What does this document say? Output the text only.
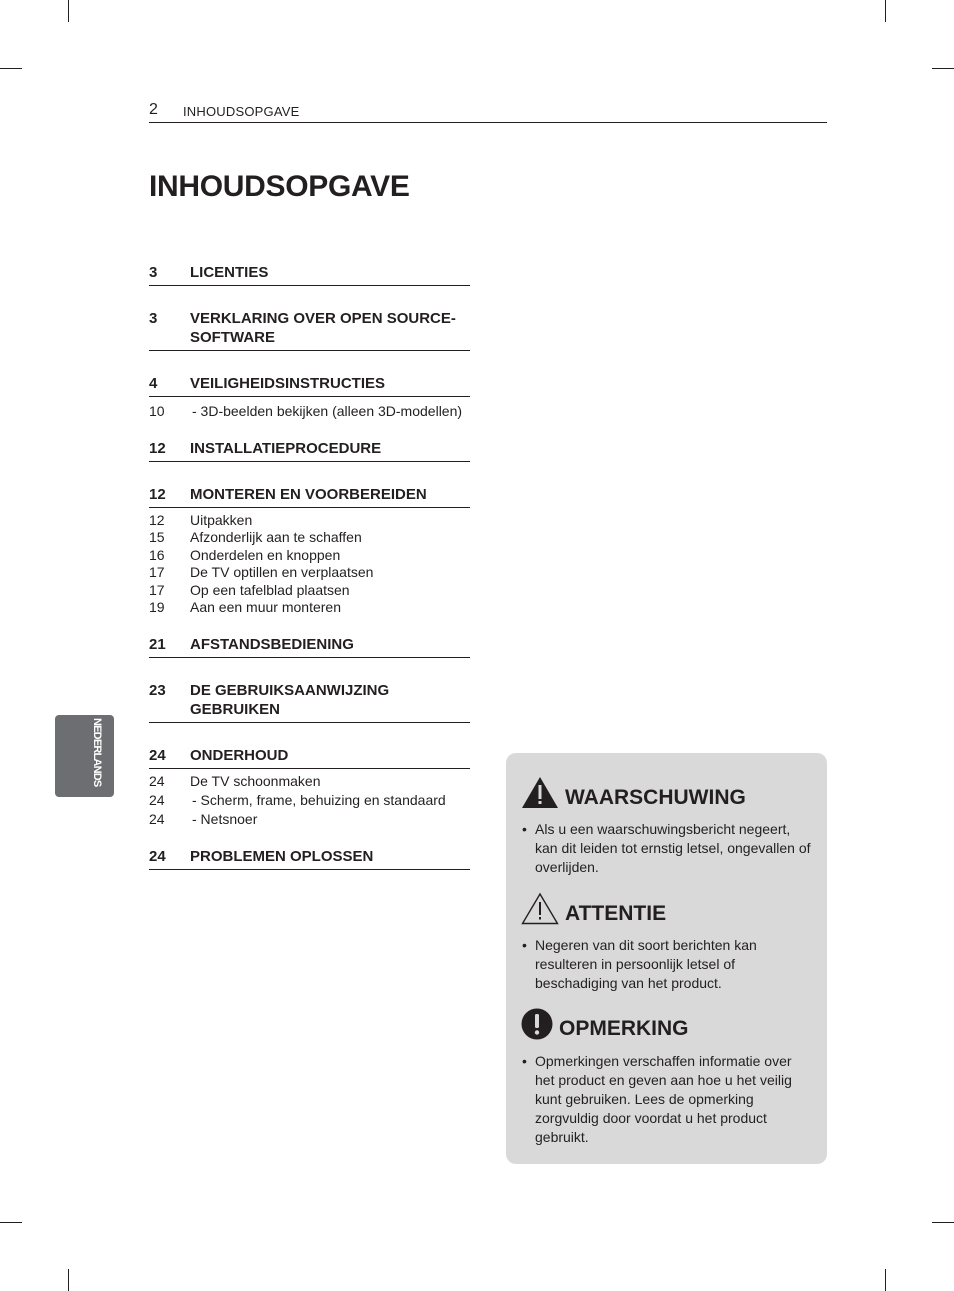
2 INHOUDSOPGAVE
INHOUDSOPGAVE
NEDERLANDS
3 LICENTIES
3 VERKLARING OVER OPEN SOURCE-
SOFTWARE
4 VEILIGHEIDSINSTRUCTIES
10 - 3D-beelden bekijken (alleen 3D-modellen)
12 INSTALLATIEPROCEDURE
12 MONTEREN EN VOORBEREIDEN
12 Uitpakken
15 Afzonderlijk aan te schaffen
16 Onderdelen en knoppen
17 De TV optillen en verplaatsen
17 Op een tafelblad plaatsen
19 Aan een muur monteren
21 AFSTANDSBEDIENING
23 DE GEBRUIKSAANWIJZING
GEBRUIKEN
24 ONDERHOUD
24 De TV schoonmaken
24 - Scherm, frame, behuizing en standaard
24 - Netsnoer
24 PROBLEMEN OPLOSSEN
WAARSCHUWING
• Als u een waarschuwingsbericht negeert, kan dit leiden tot ernstig letsel, ongevallen of overlijden.
ATTENTIE
• Negeren van dit soort berichten kan resulteren in persoonlijk letsel of beschadiging van het product.
OPMERKING
• Opmerkingen verschaffen informatie over het product en geven aan hoe u het veilig kunt gebruiken. Lees de opmerking zorgvuldig door voordat u het product gebruikt.
